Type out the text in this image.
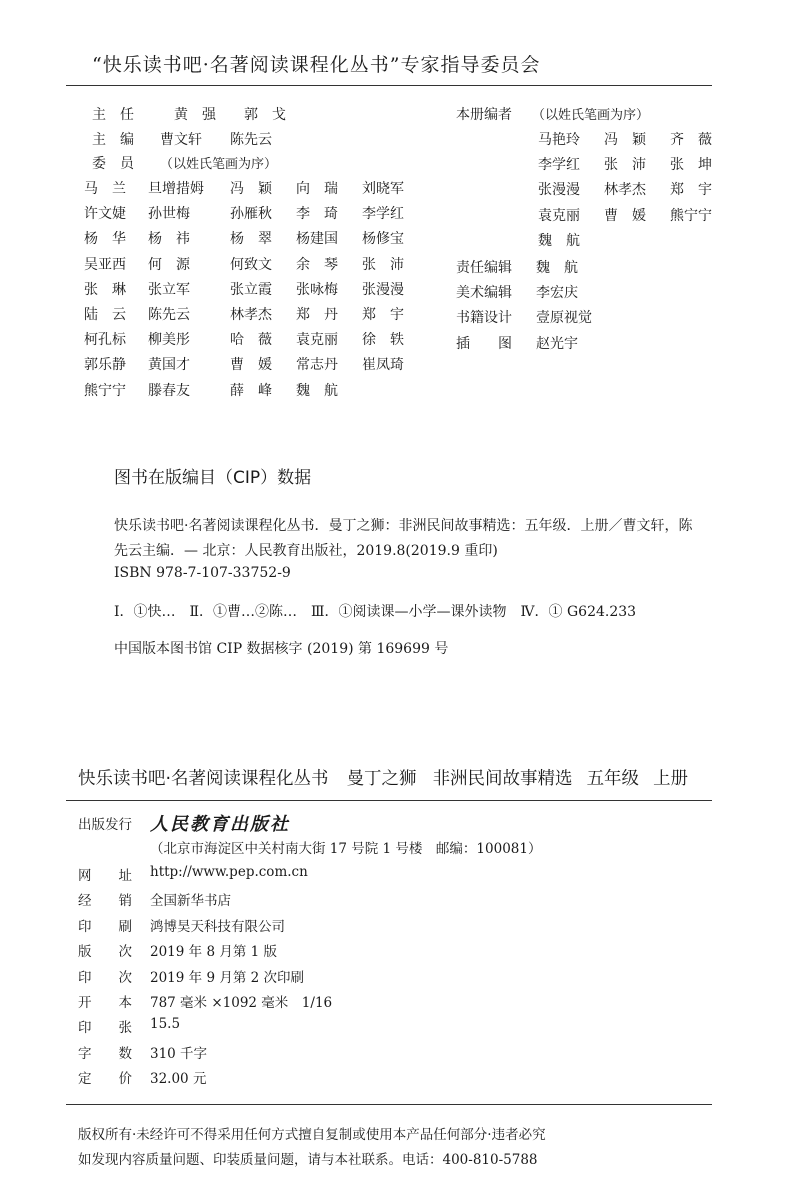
“快乐读书吧·名著阅读课程化丛书”专家指导委员会
主　任	黄　强 郭　戈
主　编 曹文轩 陈先云
委　员 （以姓氏笔画为序）
马　兰 旦增措姆 冯　颖 向　瑞 刘晓军
许文婕 孙世梅	孙雁秋 李　琦 李学红
杨　华 杨　祎	杨　翠 杨建国 杨修宝
吴亚西 何　源	何致文 余　琴 张　沛
张　琳 张立军	张立霞 张咏梅 张漫漫
陆　云 陈先云	林孝杰 郑　丹 郑　宇
柯孔标 柳美彤	哈　薇 袁克丽 徐　轶
郭乐静 黄国才	曹　媛 常志丹 崔凤琦
熊宁宁 滕春友	薛　峰 魏　航
本册编者 （以姓氏笔画为序）
马艳玲 冯　颖 齐　薇
李学红 张　沛 张　坤
张漫漫 林孝杰 郑　宇
袁克丽 曹　媛 熊宁宁
魏　航
责任编辑 魏　航
美术编辑 李宏庆
书籍设计 壹原视觉
插　　图 赵光宇
图书在版编目（CIP）数据
快乐读书吧·名著阅读课程化丛书．曼丁之狮：非洲民间故事精选：五年级．上册／曹文轩，陈
先云主编．— 北京：人民教育出版社，2019.8(2019.9 重印)
ISBN 978-7-107-33752-9
Ⅰ．①快…　Ⅱ．①曹…②陈…　Ⅲ．①阅读课—小学—课外读物　Ⅳ．① G624.233
中国版本图书馆 CIP 数据核字 (2019) 第 169699 号
快乐读书吧·名著阅读课程化丛书 曼丁之狮 非洲民间故事精选 五年级 上册
出版发行 人民教育出版社
（北京市海淀区中关村南大街 17 号院 1 号楼　邮编：100081）
网　　址 http://www.pep.com.cn
经　　销 全国新华书店
印　　刷 鸿博昊天科技有限公司
版　　次 2019 年 8 月第 1 版
印　　次 2019 年 9 月第 2 次印刷
开　　本 787 毫米 ×1092 毫米　1/16
印　　张 15.5
字　　数 310 千字
定　　价 32.00 元
版权所有·未经许可不得采用任何方式擅自复制或使用本产品任何部分·违者必究
如发现内容质量问题、印装质量问题，请与本社联系。电话：400-810-5788
